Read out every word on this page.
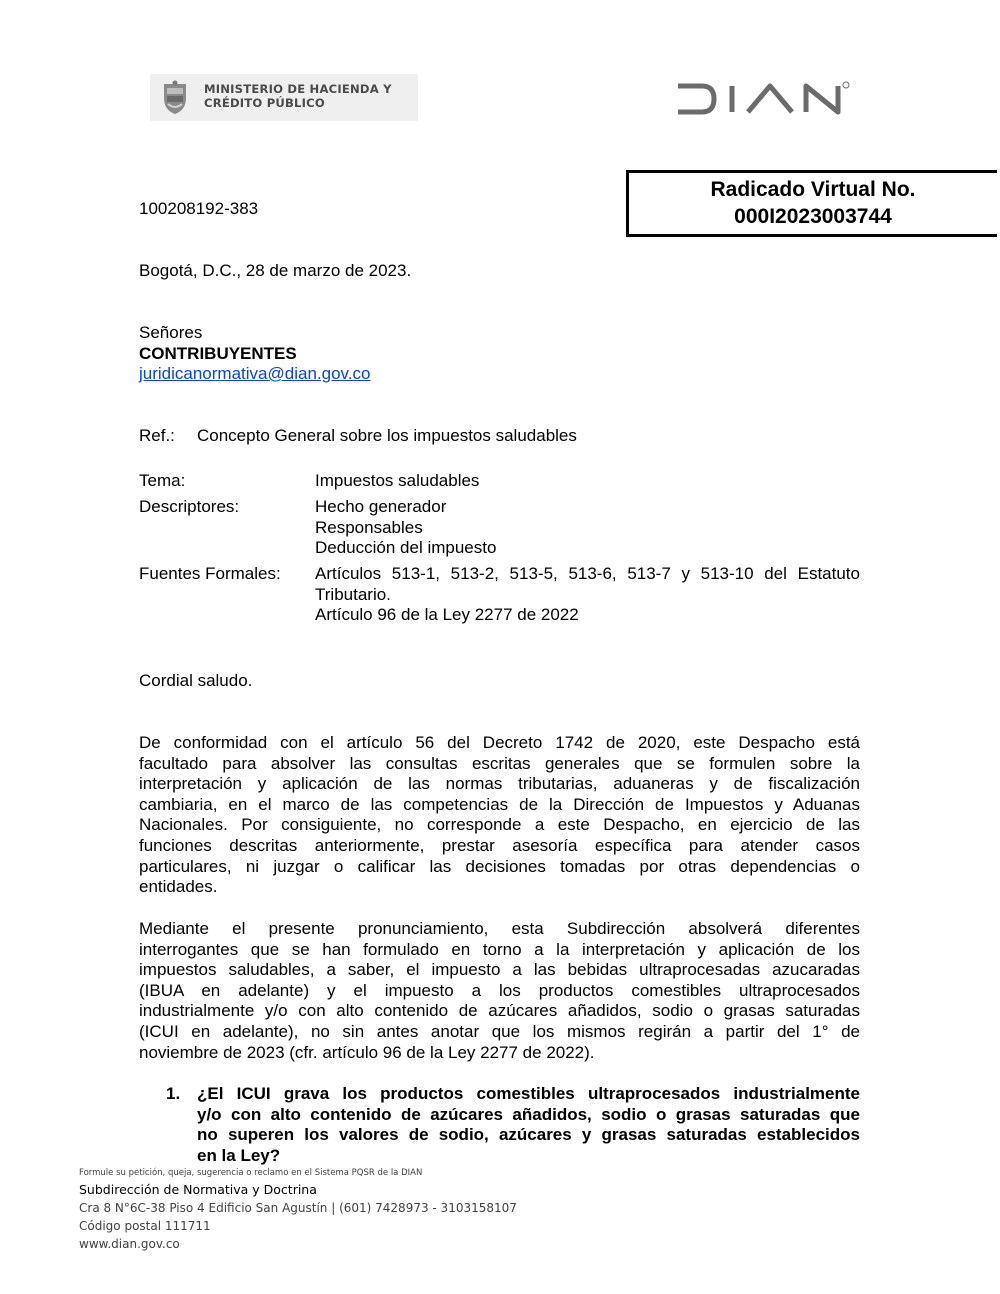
MINISTERIO DE HACIENDA Y
CRÉDITO PÚBLICO
Radicado Virtual No.
000I2023003744
100208192-383
Bogotá, D.C., 28 de marzo de 2023.
Señores
CONTRIBUYENTES
juridicanormativa@dian.gov.co
Ref.: Concepto General sobre los impuestos saludables
Tema:	Impuestos saludables
Descriptores:	Hecho generador
Responsables
Deducción del impuesto
Fuentes Formales: Artículos 513-1, 513-2, 513-5, 513-6, 513-7 y 513-10 del Estatuto
Tributario.
Artículo 96 de la Ley 2277 de 2022
Cordial saludo.
De conformidad con el artículo 56 del Decreto 1742 de 2020, este Despacho está
facultado para absolver las consultas escritas generales que se formulen sobre la
interpretación y aplicación de las normas tributarias, aduaneras y de fiscalización
cambiaria, en el marco de las competencias de la Dirección de Impuestos y Aduanas
Nacionales. Por consiguiente, no corresponde a este Despacho, en ejercicio de las
funciones descritas anteriormente, prestar asesoría específica para atender casos
particulares, ni juzgar o calificar las decisiones tomadas por otras dependencias o
entidades.
Mediante el presente pronunciamiento, esta Subdirección absolverá diferentes
interrogantes que se han formulado en torno a la interpretación y aplicación de los
impuestos saludables, a saber, el impuesto a las bebidas ultraprocesadas azucaradas
(IBUA en adelante) y el impuesto a los productos comestibles ultraprocesados
industrialmente y/o con alto contenido de azúcares añadidos, sodio o grasas saturadas
(ICUI en adelante), no sin antes anotar que los mismos regirán a partir del 1° de
noviembre de 2023 (cfr. artículo 96 de la Ley 2277 de 2022).
1. ¿El ICUI grava los productos comestibles ultraprocesados industrialmente
y/o con alto contenido de azúcares añadidos, sodio o grasas saturadas que
no superen los valores de sodio, azúcares y grasas saturadas establecidos
en la Ley?
Formule su petición, queja, sugerencia o reclamo en el Sistema PQSR de la DIAN
Subdirección de Normativa y Doctrina
Cra 8 N°6C-38 Piso 4 Edificio San Agustín | (601) 7428973 - 3103158107
Código postal 111711
www.dian.gov.co
